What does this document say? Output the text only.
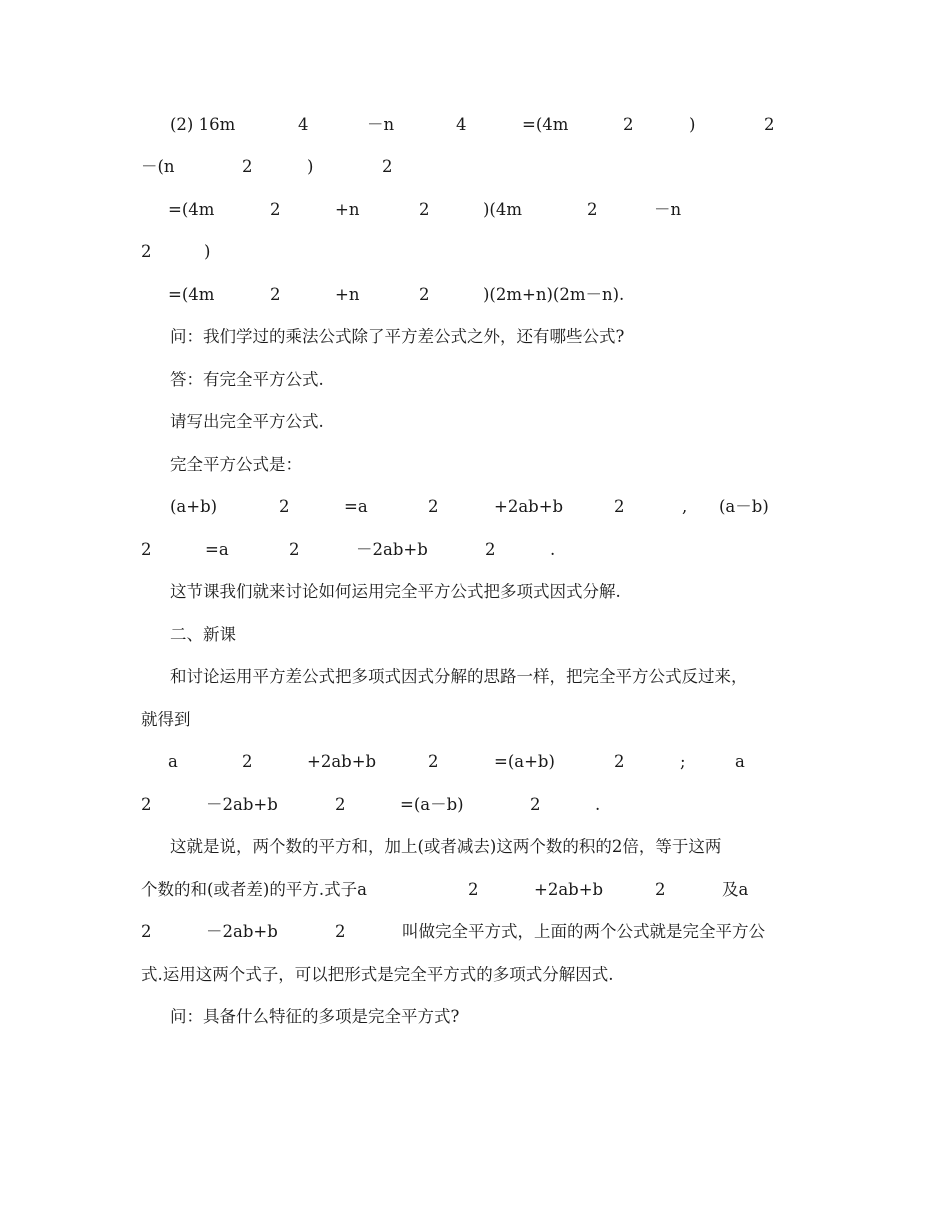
(2) 16m	4	－n	4	=(4m	2	)	2
－(n	2	)	2
=(4m	2	+n	2	)(4m	2	－n
2	)
=(4m	2	+n	2	)(2m+n)(2m－n).
问：我们学过的乘法公式除了平方差公式之外，还有哪些公式?
答：有完全平方公式.
请写出完全平方公式.
完全平方公式是：
(a+b)	2	=a	2	+2ab+b	2	, (a－b)
2	=a	2	－2ab+b	2	.
这节课我们就来讨论如何运用完全平方公式把多项式因式分解.
二、新课
和讨论运用平方差公式把多项式因式分解的思路一样，把完全平方公式反过来，
就得到
a	2	+2ab+b	2	=(a+b)	2	;	a
2	－2ab+b	2	=(a－b)	2	.
这就是说，两个数的平方和，加上(或者减去)这两个数的积的2倍，等于这两
个数的和(或者差)的平方.式子a	2	+2ab+b	2	及a
2	－2ab+b	2	叫做完全平方式，上面的两个公式就是完全平方公
式.运用这两个式子，可以把形式是完全平方式的多项式分解因式.
问：具备什么特征的多项是完全平方式?
